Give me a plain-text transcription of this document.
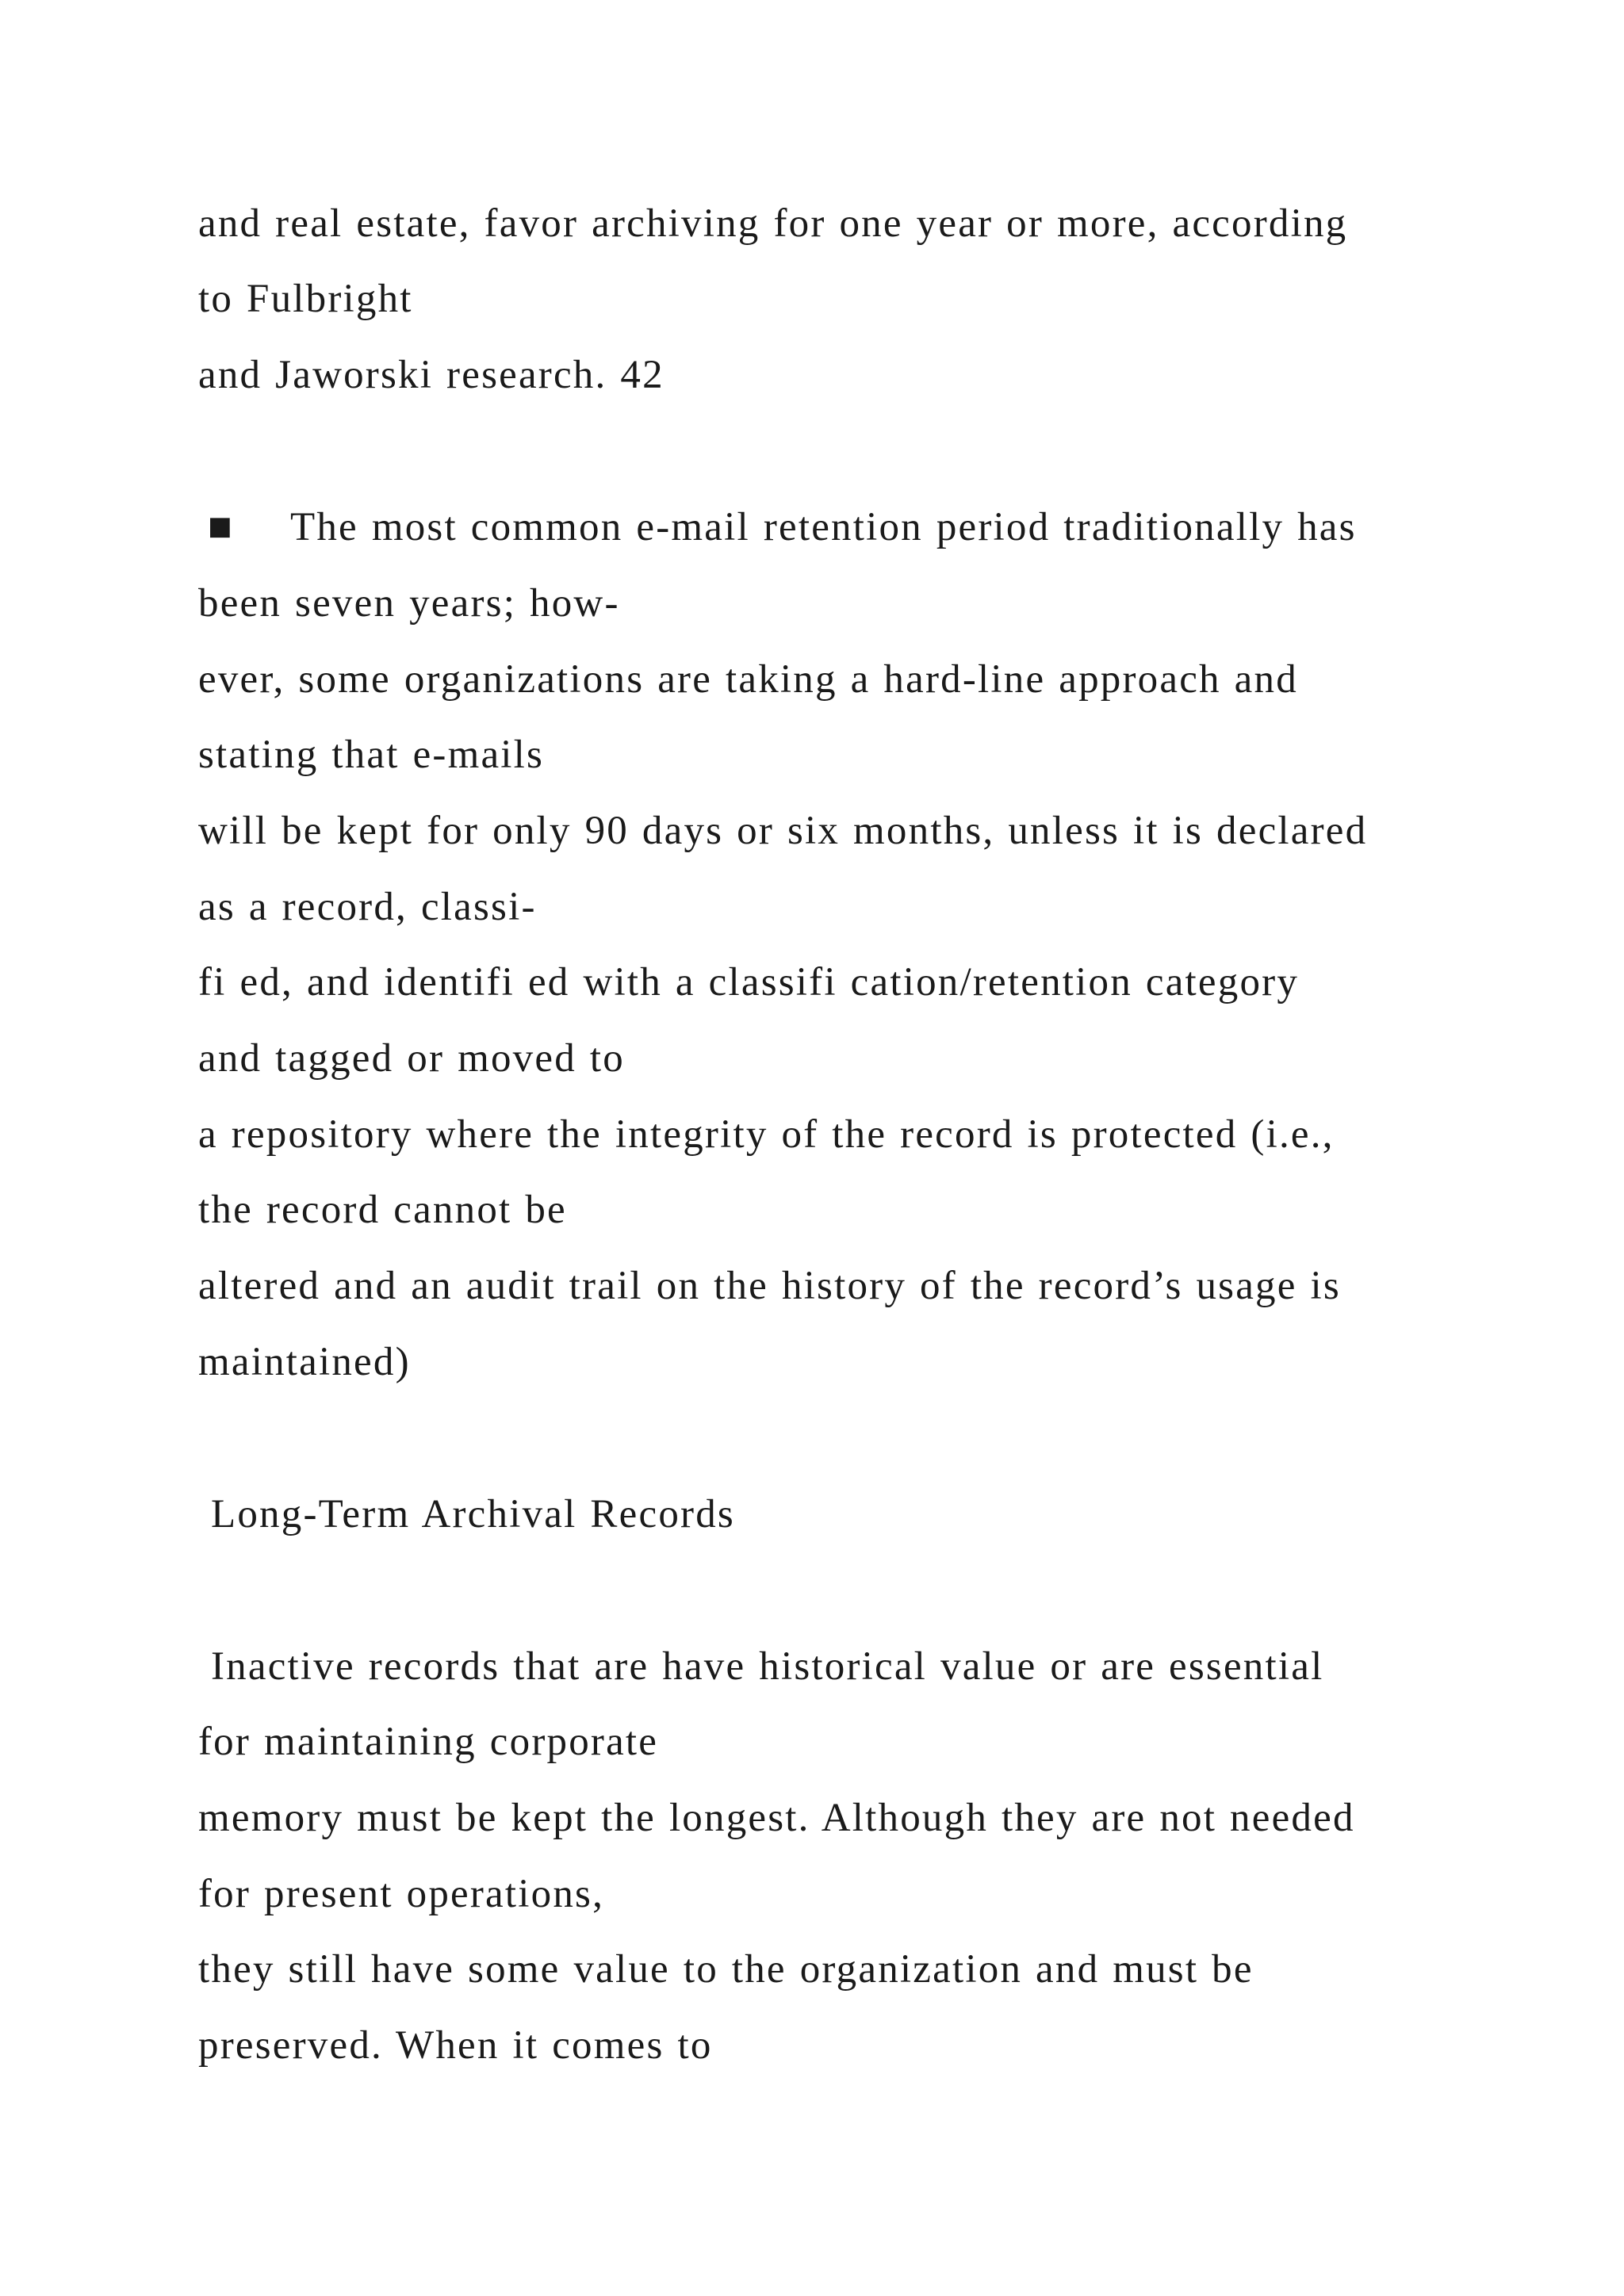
and real estate, favor archiving for one year or more, according
to Fulbright
and Jaworski research. 42
■ The most common e-mail retention period traditionally has
been seven years; how-
ever, some organizations are taking a hard-line approach and
stating that e-mails
will be kept for only 90 days or six months, unless it is declared
as a record, classi-
fi ed, and identifi ed with a classifi cation/retention category
and tagged or moved to
a repository where the integrity of the record is protected (i.e.,
the record cannot be
altered and an audit trail on the history of the record’s usage is
maintained)
Long-Term Archival Records
Inactive records that are have historical value or are essential
for maintaining corporate
memory must be kept the longest. Although they are not needed
for present operations,
they still have some value to the organization and must be
preserved. When it comes to
